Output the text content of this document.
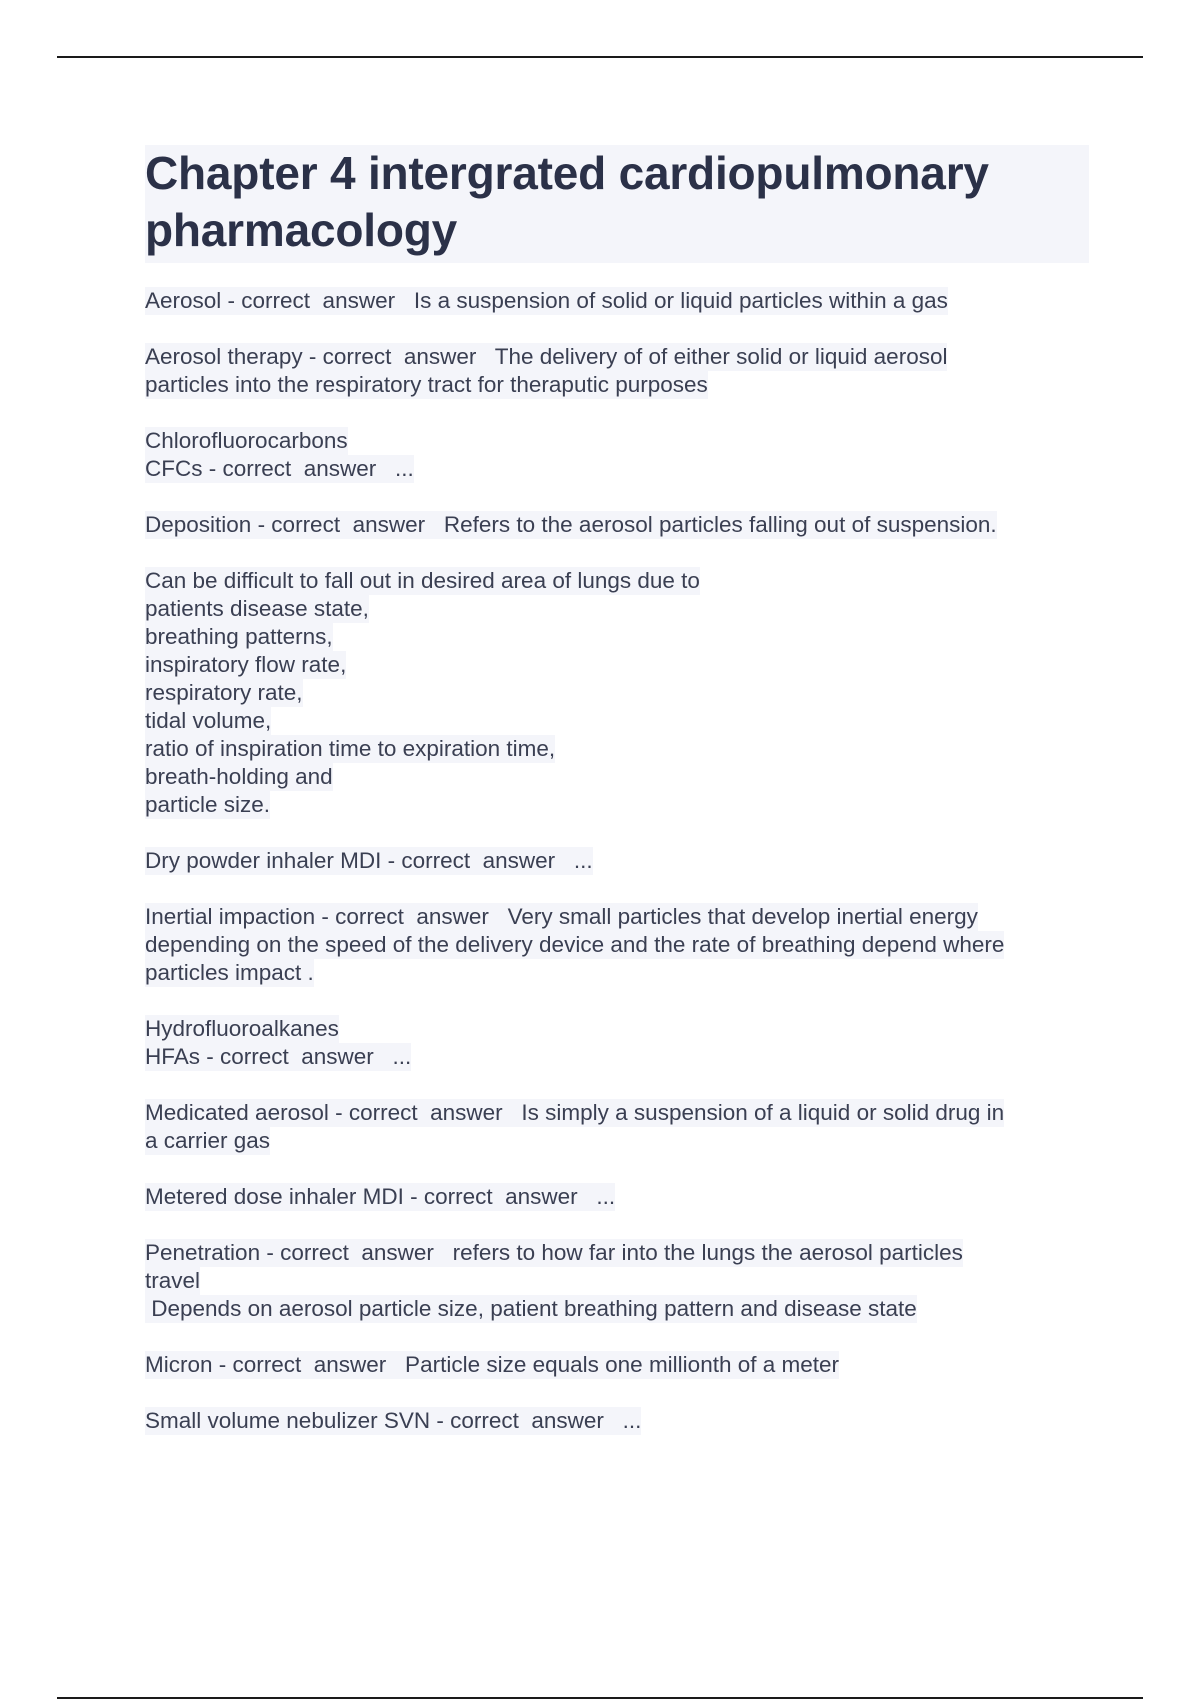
Chapter 4 intergrated cardiopulmonary
pharmacology
Aerosol - correct  answer   Is a suspension of solid or liquid particles within a gas
Aerosol therapy - correct  answer   The delivery of of either solid or liquid aerosol
particles into the respiratory tract for theraputic purposes
Chlorofluorocarbons
CFCs - correct  answer   ...
Deposition - correct  answer   Refers to the aerosol particles falling out of suspension.
Can be difficult to fall out in desired area of lungs due to
patients disease state,
breathing patterns,
inspiratory flow rate,
respiratory rate,
tidal volume,
ratio of inspiration time to expiration time,
breath-holding and
particle size.
Dry powder inhaler MDI - correct  answer   ...
Inertial impaction - correct  answer   Very small particles that develop inertial energy
depending on the speed of the delivery device and the rate of breathing depend where
particles impact .
Hydrofluoroalkanes
HFAs - correct  answer   ...
Medicated aerosol - correct  answer   Is simply a suspension of a liquid or solid drug in
a carrier gas
Metered dose inhaler MDI - correct  answer   ...
Penetration - correct  answer   refers to how far into the lungs the aerosol particles
travel
Depends on aerosol particle size, patient breathing pattern and disease state
Micron - correct  answer   Particle size equals one millionth of a meter
Small volume nebulizer SVN - correct  answer   ...
